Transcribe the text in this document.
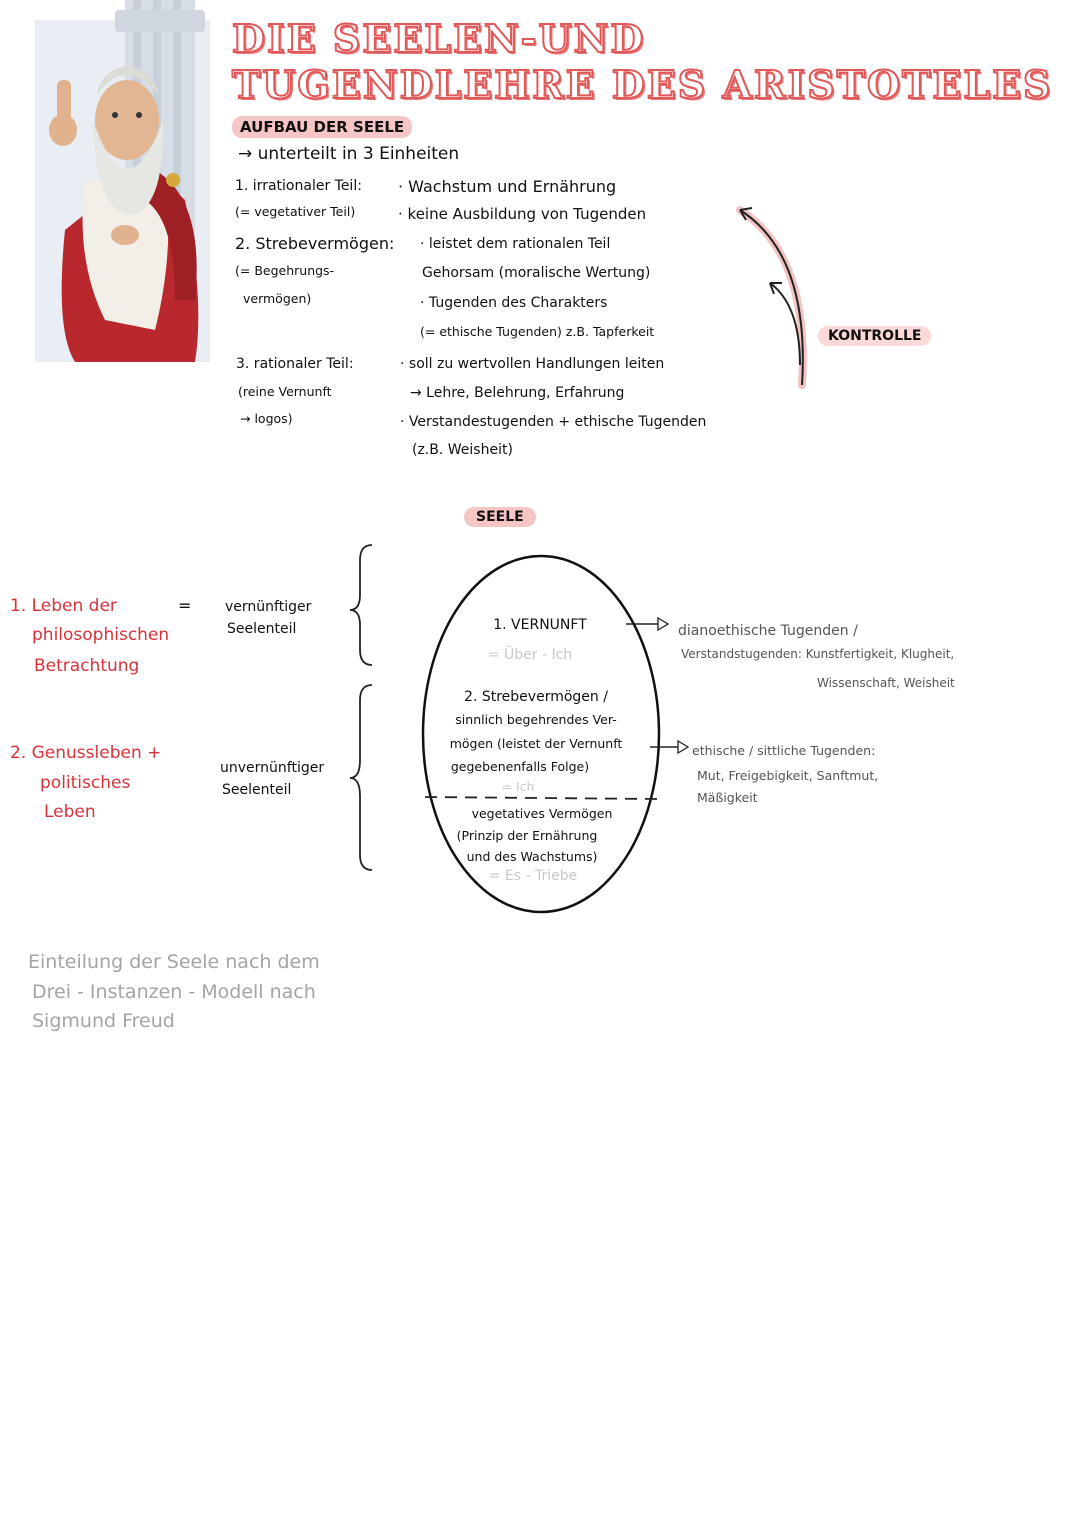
DIE SEELEN-UND
TUGENDLEHRE DES ARISTOTELES
AUFBAU DER SEELE
→ unterteilt in 3 Einheiten
1. irrationaler Teil:
(= vegetativer Teil)
· Wachstum und Ernährung
· keine Ausbildung von Tugenden
2. Strebevermögen:
(= Begehrungs-
vermögen)
· leistet dem rationalen Teil
Gehorsam (moralische Wertung)
· Tugenden des Charakters
(= ethische Tugenden) z.B. Tapferkeit
3. rationaler Teil:
(reine Vernunft
→ logos)
· soll zu wertvollen Handlungen leiten
→ Lehre, Belehrung, Erfahrung
· Verstandestugenden + ethische Tugenden
(z.B. Weisheit)
KONTROLLE
SEELE
1. Leben der
philosophischen
Betrachtung
=
2. Genussleben +
politisches
Leben
vernünftiger
Seelenteil
unvernünftiger
Seelenteil
1. VERNUNFT
= Über - Ich
2. Strebevermögen /
sinnlich begehrendes Ver-
mögen (leistet der Vernunft
gegebenenfalls Folge)
= Ich
vegetatives Vermögen
(Prinzip der Ernährung
und des Wachstums)
= Es - Triebe
dianoethische Tugenden /
Verstandstugenden: Kunstfertigkeit, Klugheit,
Wissenschaft, Weisheit
ethische / sittliche Tugenden:
Mut, Freigebigkeit, Sanftmut,
Mäßigkeit
Einteilung der Seele nach dem
Drei - Instanzen - Modell nach
Sigmund Freud
